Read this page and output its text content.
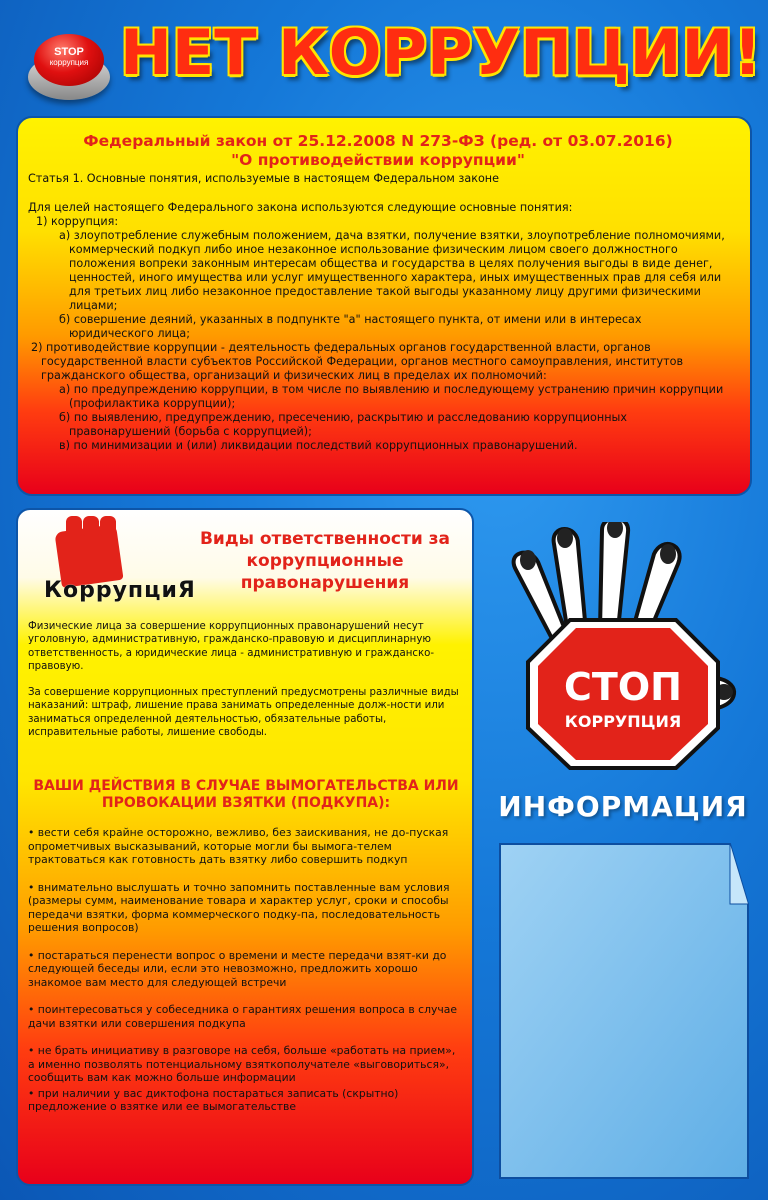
STOP
коррупция НЕТ КОРРУПЦИИ!

Федеральный закон от 25.12.2008 N 273-ФЗ (ред. от 03.07.2016)

"О противодействии коррупции"

Статья 1. Основные понятия, используемые в настоящем Федеральном законе

Для целей настоящего Федерального закона используются следующие основные понятия:

1) коррупция:

а) злоупотребление служебным положением, дача взятки, получение взятки, злоупотребление полномочиями, коммерческий подкуп либо иное незаконное использование физическим лицом своего должностного положения вопреки законным интересам общества и государства в целях получения выгоды в виде денег, ценностей, иного имущества или услуг имущественного характера, иных имущественных прав для себя или для третьих лиц либо незаконное предоставление такой выгоды указанному лицу другими физическими лицами;

б) совершение деяний, указанных в подпункте "а" настоящего пункта, от имени или в интересах юридического лица;

2) противодействие коррупции - деятельность федеральных органов государственной власти, органов государственной власти субъектов Российской Федерации, органов местного самоуправления, институтов гражданского общества, организаций и физических лиц в пределах их полномочий:

а) по предупреждению коррупции, в том числе по выявлению и последующему устранению причин коррупции (профилактика коррупции);

б) по выявлению, предупреждению, пресечению, раскрытию и расследованию коррупционных правонарушений (борьба с коррупцией);

в) по минимизации и (или) ликвидации последствий коррупционных правонарушений.

КоррупциЯ
Виды ответственности за коррупционные правонарушения

Физические лица за совершение коррупционных правонарушений несут уголовную, административную, гражданско-правовую и дисциплинарную ответственность, а юридические лица - административную и гражданско-правовую.

За совершение коррупционных преступлений предусмотрены различные виды наказаний: штраф, лишение права занимать определенные долж-ности или заниматься определенной деятельностью, обязательные работы, исправительные работы, лишение свободы.

ВАШИ ДЕЙСТВИЯ В СЛУЧАЕ ВЫМОГАТЕЛЬСТВА ИЛИ ПРОВОКАЦИИ ВЗЯТКИ (ПОДКУПА):
• вести себя крайне осторожно, вежливо, без заискивания, не до-пуская опрометчивых высказываний, которые могли бы вымога-телем трактоваться как готовность дать взятку либо совершить подкуп
• внимательно выслушать и точно запомнить поставленные вам условия (размеры сумм, наименование товара и характер услуг, сроки и способы передачи взятки, форма коммерческого подку-па, последовательность решения вопросов)
• постараться перенести вопрос о времени и месте передачи взят-ки до следующей беседы или, если это невозможно, предложить хорошо знакомое вам место для следующей встречи
• поинтересоваться у собеседника о гарантиях решения вопроса в случае дачи взятки или совершения подкупа
• не брать инициативу в разговоре на себя, больше «работать на прием», а именно позволять потенциальному взяткополучателе «выговориться», сообщить вам как можно больше информации
• при наличии у вас диктофона постараться записать (скрытно) предложение о взятке или ее вымогательстве
СТОП
КОРРУПЦИЯ
ИНФОРМАЦИЯ
